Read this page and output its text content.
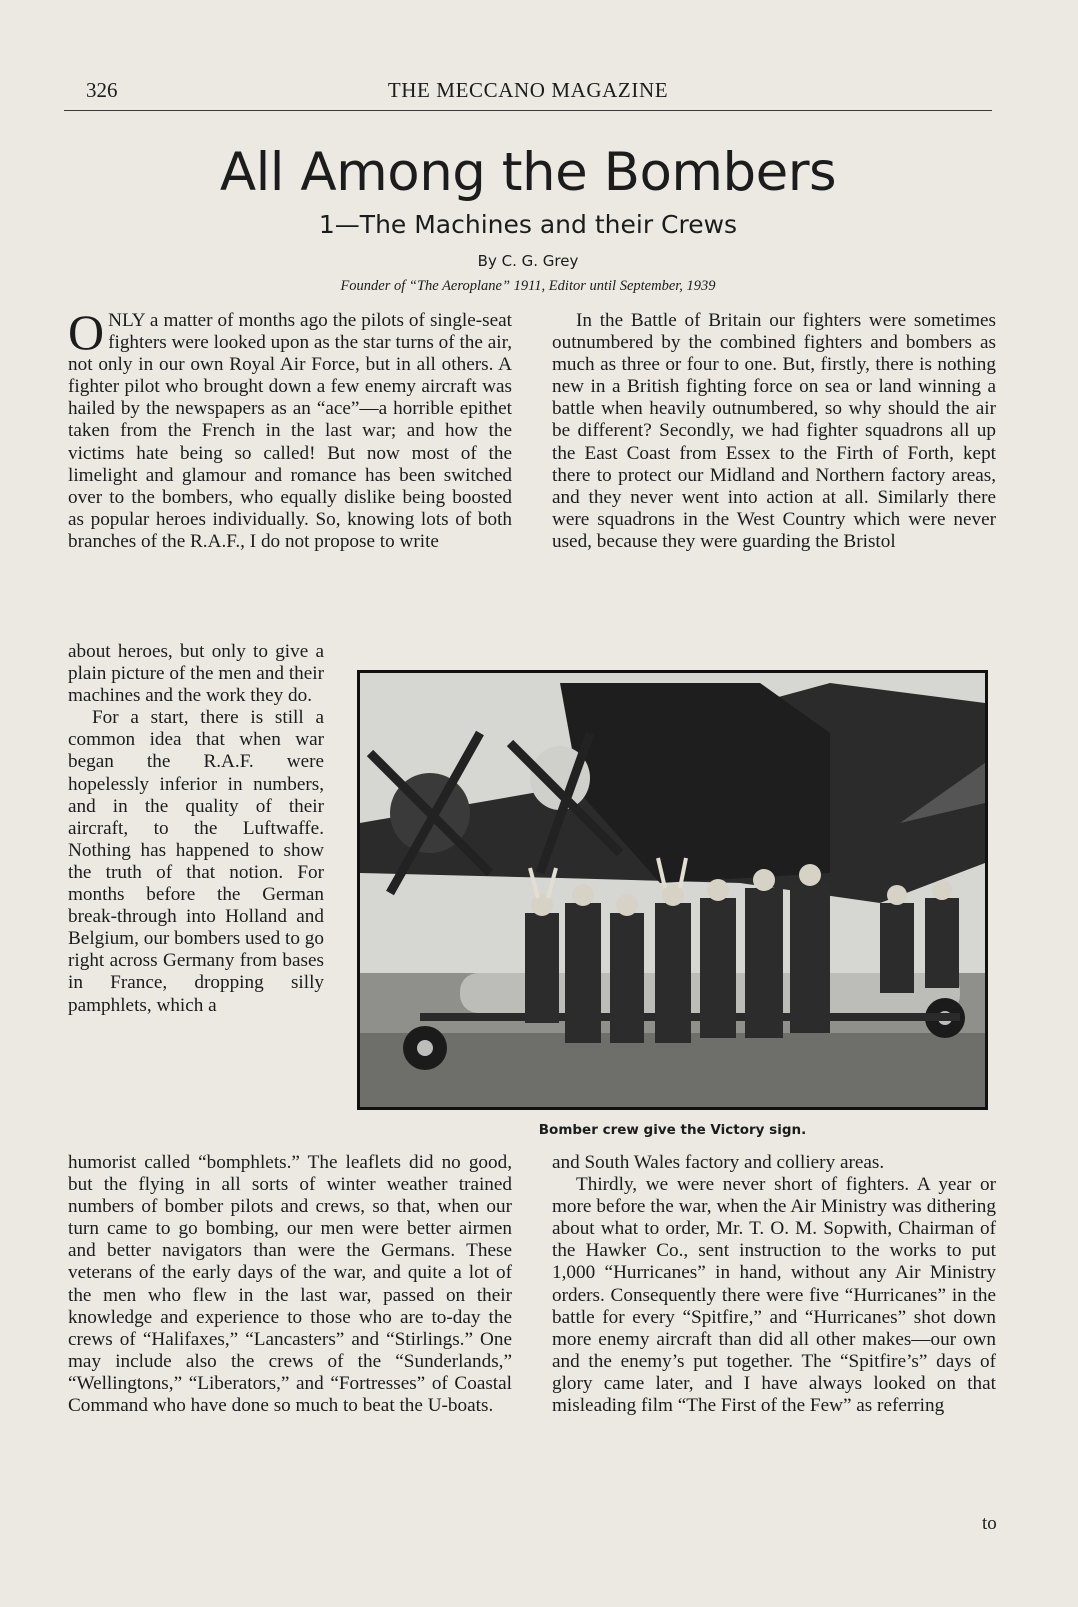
326	THE MECCANO MAGAZINE
All Among the Bombers
1—The Machines and their Crews
By C. G. Grey
Founder of “The Aeroplane” 1911, Editor until September, 1939

ONLY a matter of months ago the pilots of single-seat fighters were looked upon as the star turns of the air, not only in our own Royal Air Force, but in all others. A fighter pilot who brought down a few enemy aircraft was hailed by the newspapers as an “ace”—a horrible epithet taken from the French in the last war; and how the victims hate being so called! But now most of the limelight and glamour and romance has been switched over to the bombers, who equally dislike being boosted as popular heroes individually. So, knowing lots of both branches of the R.A.F., I do not propose to write

about heroes, but only to give a plain picture of the men and their machines and the work they do.

For a start, there is still a common idea that when war began the R.A.F. were hopelessly inferior in numbers, and in the quality of their aircraft, to the Luftwaffe. Nothing has happened to show the truth of that notion. For months before the German break-through into Holland and Belgium, our bombers used to go right across Germany from bases in France, dropping silly pamphlets, which a

humorist called “bomphlets.” The leaflets did no good, but the flying in all sorts of winter weather trained numbers of bomber pilots and crews, so that, when our turn came to go bombing, our men were better airmen and better navigators than were the Germans. These veterans of the early days of the war, and quite a lot of the men who flew in the last war, passed on their knowledge and experience to those who are to-day the crews of “Halifaxes,” “Lancasters” and “Stirlings.” One may include also the crews of the “Sunderlands,” “Wellingtons,” “Liberators,” and “Fortresses” of Coastal Command who have done so much to beat the U-boats.

In the Battle of Britain our fighters were sometimes outnumbered by the combined fighters and bombers as much as three or four to one. But, firstly, there is nothing new in a British fighting force on sea or land winning a battle when heavily outnumbered, so why should the air be different? Secondly, we had fighter squadrons all up the East Coast from Essex to the Firth of Forth, kept there to protect our Midland and Northern factory areas, and they never went into action at all. Similarly there were squadrons in the West Country which were never used, because they were guarding the Bristol

and South Wales factory and colliery areas.

Thirdly, we were never short of fighters. A year or more before the war, when the Air Ministry was dithering about what to order, Mr. T. O. M. Sopwith, Chairman of the Hawker Co., sent instruction to the works to put 1,000 “Hurricanes” in hand, without any Air Ministry orders. Consequently there were five “Hurricanes” in the battle for every “Spitfire,” and “Hurricanes” shot down more enemy aircraft than did all other makes—our own and the enemy’s put together. The “Spitfire’s” days of glory came later, and I have always looked on that misleading film “The First of the Few” as referring

to
Bomber crew give the Victory sign.
